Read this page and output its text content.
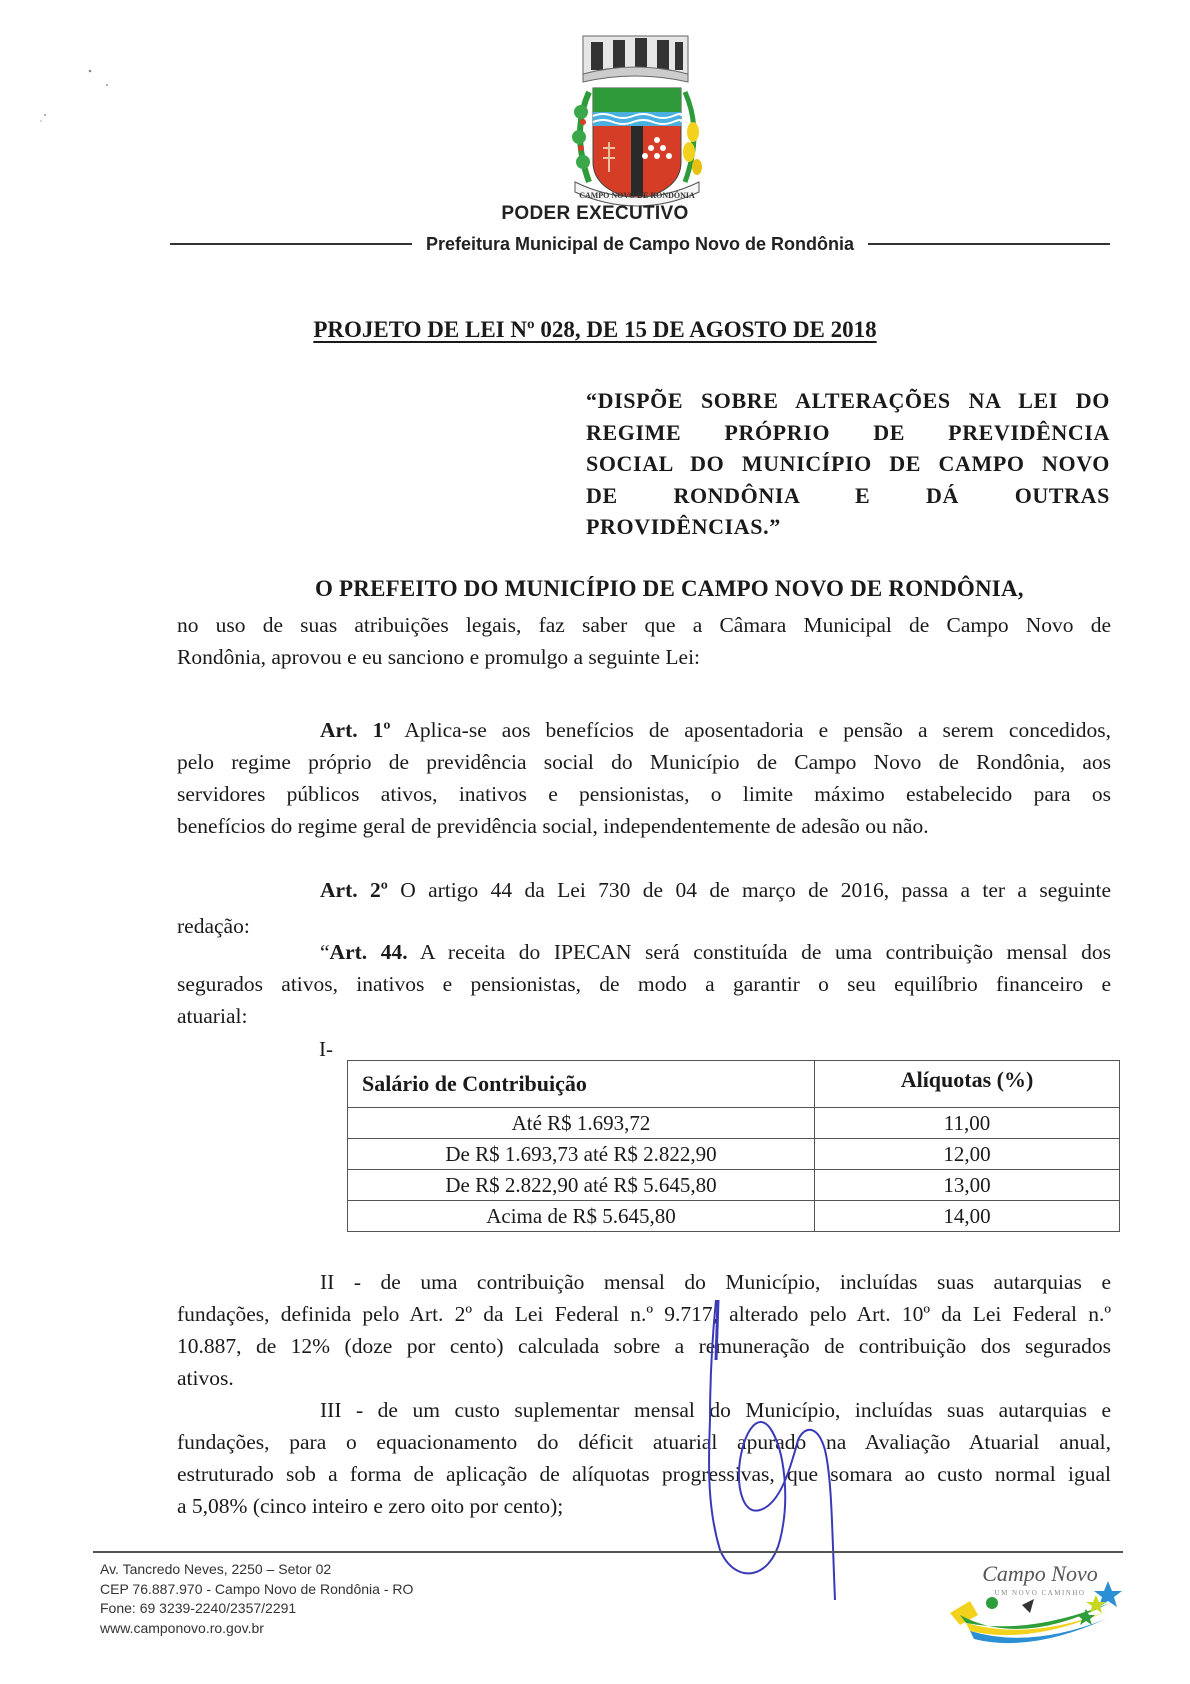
CAMPO NOVO DE RONDÔNIA
PODER EXECUTIVO
Prefeitura Municipal de Campo Novo de Rondônia
PROJETO DE LEI Nº 028, DE 15 DE AGOSTO DE 2018
“DISPÕE SOBRE ALTERAÇÕES NA LEI DO
REGIME PRÓPRIO DE PREVIDÊNCIA
SOCIAL DO MUNICÍPIO DE CAMPO NOVO
DE RONDÔNIA E DÁ OUTRAS
PROVIDÊNCIAS.”
O PREFEITO DO MUNICÍPIO DE CAMPO NOVO DE RONDÔNIA,
no uso de suas atribuições legais, faz saber que a Câmara Municipal de Campo Novo de
Rondônia, aprovou e eu sanciono e promulgo a seguinte Lei:
Art. 1º Aplica-se aos benefícios de aposentadoria e pensão a serem concedidos,
pelo regime próprio de previdência social do Município de Campo Novo de Rondônia, aos
servidores públicos ativos, inativos e pensionistas, o limite máximo estabelecido para os
benefícios do regime geral de previdência social, independentemente de adesão ou não.
Art. 2º O artigo 44 da Lei 730 de 04 de março de 2016, passa a ter a seguinte
redação:
“Art. 44. A receita do IPECAN será constituída de uma contribuição mensal dos
segurados ativos, inativos e pensionistas, de modo a garantir o seu equilíbrio financeiro e
atuarial:
I-
Salário de Contribuição	Alíquotas (%)
Até R$ 1.693,72	11,00
De R$ 1.693,73 até R$ 2.822,90	12,00
De R$ 2.822,90 até R$ 5.645,80	13,00
Acima de R$ 5.645,80	14,00
II - de uma contribuição mensal do Município, incluídas suas autarquias e
fundações, definida pelo Art. 2º da Lei Federal n.º 9.717, alterado pelo Art. 10º da Lei Federal n.º
10.887, de 12% (doze por cento) calculada sobre a remuneração de contribuição dos segurados
ativos.
III - de um custo suplementar mensal do Município, incluídas suas autarquias e
fundações, para o equacionamento do déficit atuarial apurado na Avaliação Atuarial anual,
estruturado sob a forma de aplicação de alíquotas progressivas, que somara ao custo normal igual
a 5,08% (cinco inteiro e zero oito por cento);
Av. Tancredo Neves, 2250 – Setor 02
CEP 76.887.970 - Campo Novo de Rondônia - RO
Fone: 69 3239-2240/2357/2291
www.camponovo.ro.gov.br
Campo Novo
UM NOVO CAMINHO
